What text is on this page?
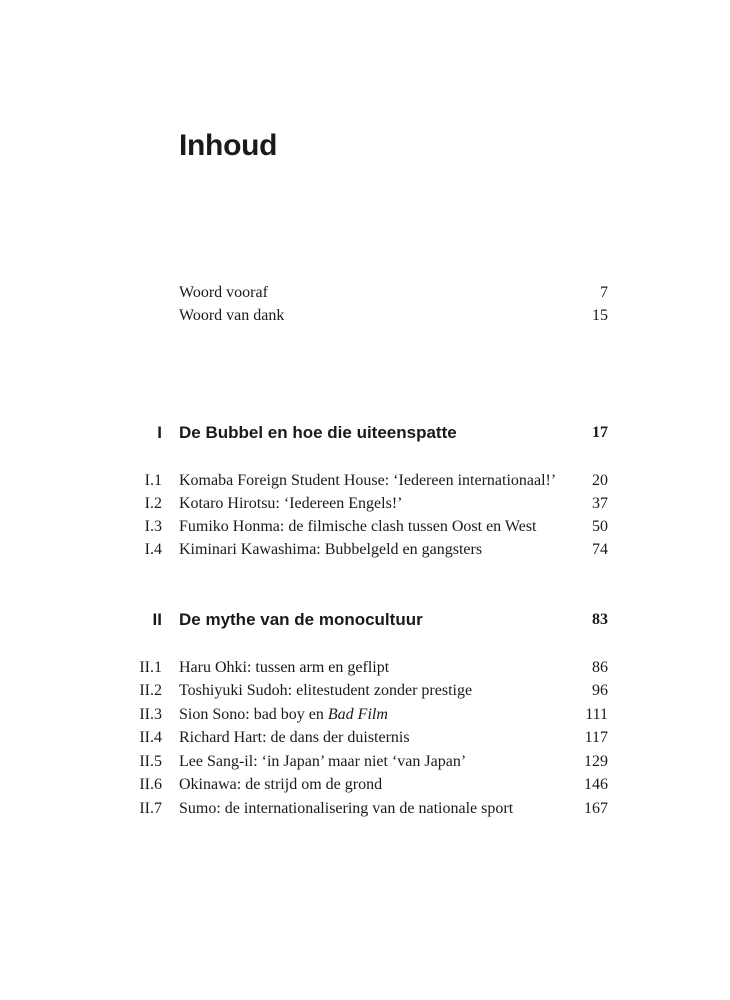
Inhoud
Woord vooraf	7
Woord van dank	15
I De Bubbel en hoe die uiteenspatte	17
I.1 Komaba Foreign Student House: ‘Iedereen internationaal!’ 20
I.2 Kotaro Hirotsu: ‘Iedereen Engels!’	37
I.3 Fumiko Honma: de filmische clash tussen Oost en West	50
I.4 Kiminari Kawashima: Bubbelgeld en gangsters	74
II De mythe van de monocultuur	83
II.1 Haru Ohki: tussen arm en geflipt	86
II.2 Toshiyuki Sudoh: elitestudent zonder prestige	96
II.3 Sion Sono: bad boy en Bad Film	111
II.4 Richard Hart: de dans der duisternis	117
II.5 Lee Sang-il: ‘in Japan’ maar niet ‘van Japan’	129
II.6 Okinawa: de strijd om de grond	146
II.7 Sumo: de internationalisering van de nationale sport	167
